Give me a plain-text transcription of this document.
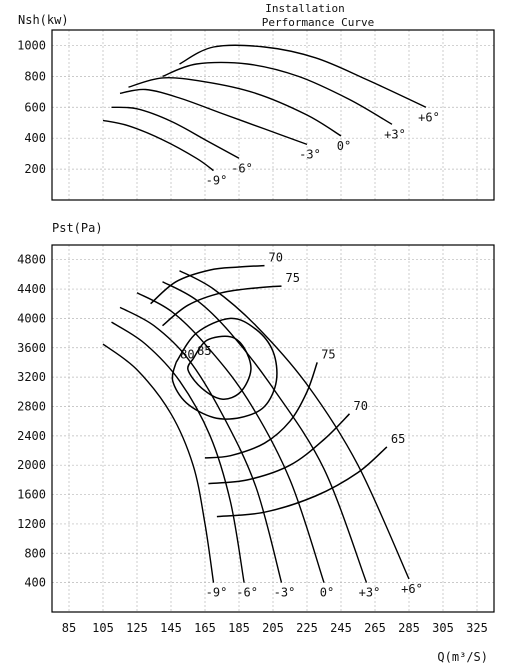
Installation
Performance Curve
Nsh(kw)
Pst(Pa)
Q(m³/S)
200
400
600
800
1000
-9°
-6°
-3°
0°
+3°
+6°
85 105 125 145 165 185 205 225 245 265 285 305 325
400
800
1200
1600
2000
2400
2800
3200
3600
4000
4400
4800
85
80
75
70
75
70
65
-9° -6° -3° 0° +3° +6°
